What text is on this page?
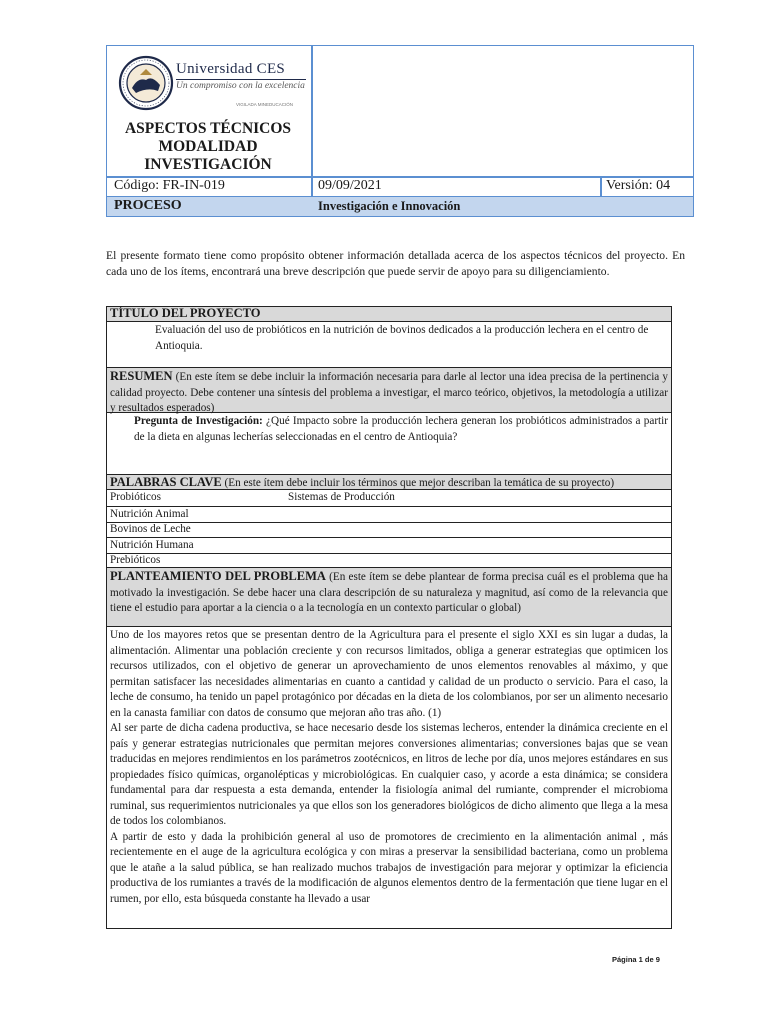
Universidad CES
Un compromiso con la excelencia
VIGILADA MINEDUCACIÓN
ASPECTOS TÉCNICOS
MODALIDAD
INVESTIGACIÓN
Código: FR-IN-019	09/09/2021	Versión: 04
PROCESO	Investigación e Innovación
El presente formato tiene como propósito obtener información detallada acerca de los aspectos técnicos del proyecto. En cada uno de los ítems, encontrará una breve descripción que puede servir de apoyo para su diligenciamiento.
TÍTULO DEL PROYECTO
Evaluación del uso de probióticos en la nutrición de bovinos dedicados a la producción lechera en el centro de Antioquia.
RESUMEN (En este ítem se debe incluir la información necesaria para darle al lector una idea precisa de la pertinencia y calidad proyecto. Debe contener una síntesis del problema a investigar, el marco teórico, objetivos, la metodología a utilizar y resultados esperados)
Pregunta de Investigación: ¿Qué Impacto sobre la producción lechera generan los probióticos administrados a partir de la dieta en algunas lecherías seleccionadas en el centro de Antioquia?
PALABRAS CLAVE (En este ítem debe incluir los términos que mejor describan la temática de su proyecto)
Probióticos	Sistemas de Producción
Nutrición Animal
Bovinos de Leche
Nutrición Humana
Prebióticos
PLANTEAMIENTO DEL PROBLEMA (En este ítem se debe plantear de forma precisa cuál es el problema que ha motivado la investigación. Se debe hacer una clara descripción de su naturaleza y magnitud, así como de la relevancia que tiene el estudio para aportar a la ciencia o a la tecnología en un contexto particular o global)
Uno de los mayores retos que se presentan dentro de la Agricultura para el presente el siglo XXI es sin lugar a dudas, la alimentación. Alimentar una población creciente y con recursos limitados, obliga a generar estrategias que optimicen los recursos utilizados, con el objetivo de generar un aprovechamiento de unos elementos renovables al máximo, y que permitan satisfacer las necesidades alimentarias en cuanto a cantidad y calidad de un producto o servicio. Para el caso, la leche de consumo, ha tenido un papel protagónico por décadas en la dieta de los colombianos, por ser un alimento necesario en la canasta familiar con datos de consumo que mejoran año tras año. (1)
Al ser parte de dicha cadena productiva, se hace necesario desde los sistemas lecheros, entender la dinámica creciente en el país y generar estrategias nutricionales que permitan mejores conversiones alimentarias; conversiones bajas que se vean traducidas en mejores rendimientos en los parámetros zootécnicos, en litros de leche por día, unos mejores estándares en sus propiedades físico químicas, organolépticas y microbiológicas. En cualquier caso, y acorde a esta dinámica; se considera fundamental para dar respuesta a esta demanda, entender la fisiología animal del rumiante, comprender el microbioma ruminal, sus requerimientos nutricionales ya que ellos son los generadores biológicos de dicho alimento que llega a la mesa de todos los colombianos.
A partir de esto y dada la prohibición general al uso de promotores de crecimiento en la alimentación animal , más recientemente en el auge de la agricultura ecológica y con miras a preservar la sensibilidad bacteriana, como un problema que le atañe a la salud pública, se han realizado muchos trabajos de investigación para mejorar y optimizar la eficiencia productiva de los rumiantes a través de la modificación de algunos elementos dentro de la fermentación que tiene lugar en el rumen, por ello, esta búsqueda constante ha llevado a usar
Página 1 de 9
